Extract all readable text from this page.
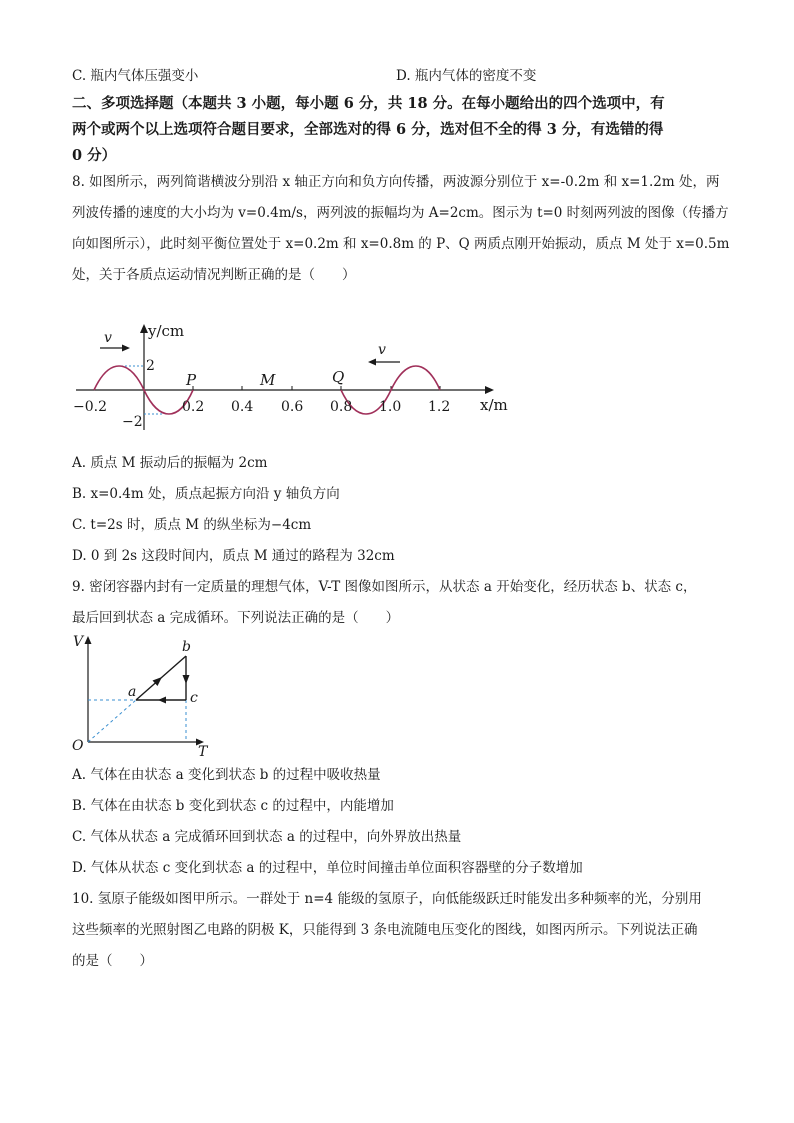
C. 瓶内气体压强变小	D. 瓶内气体的密度不变
二、多项选择题（本题共 3 小题，每小题 6 分，共 18 分。在每小题给出的四个选项中，有
两个或两个以上选项符合题目要求，全部选对的得 6 分，选对但不全的得 3 分，有选错的得
0 分）
8. 如图所示，两列简谐横波分别沿 x 轴正方向和负方向传播，两波源分别位于 x=-0.2m 和 x=1.2m 处，两
列波传播的速度的大小均为 v=0.4m/s，两列波的振幅均为 A=2cm。图示为 t=0 时刻两列波的图像（传播方
向如图所示），此时刻平衡位置处于 x=0.2m 和 x=0.8m 的 P、Q 两质点刚开始振动，质点 M 处于 x=0.5m
处，关于各质点运动情况判断正确的是（　　）
v
v
y/cm
x/m
2
−2
−0.2	0.2 0.4 0.6 0.8 1.0 1.2
P	M	Q
A. 质点 M 振动后的振幅为 2cm
B. x=0.4m 处，质点起振方向沿 y 轴负方向
C. t=2s 时，质点 M 的纵坐标为−4cm
D. 0 到 2s 这段时间内，质点 M 通过的路程为 32cm
9. 密闭容器内封有一定质量的理想气体，V-T 图像如图所示，从状态 a 开始变化，经历状态 b、状态 c，
最后回到状态 a 完成循环。下列说法正确的是（　　）
V
T
O
a
b
c
A. 气体在由状态 a 变化到状态 b 的过程中吸收热量
B. 气体在由状态 b 变化到状态 c 的过程中，内能增加
C. 气体从状态 a 完成循环回到状态 a 的过程中，向外界放出热量
D. 气体从状态 c 变化到状态 a 的过程中，单位时间撞击单位面积容器壁的分子数增加
10. 氢原子能级如图甲所示。一群处于 n=4 能级的氢原子，向低能级跃迁时能发出多种频率的光，分别用
这些频率的光照射图乙电路的阴极 K，只能得到 3 条电流随电压变化的图线，如图丙所示。下列说法正确
的是（　　）
